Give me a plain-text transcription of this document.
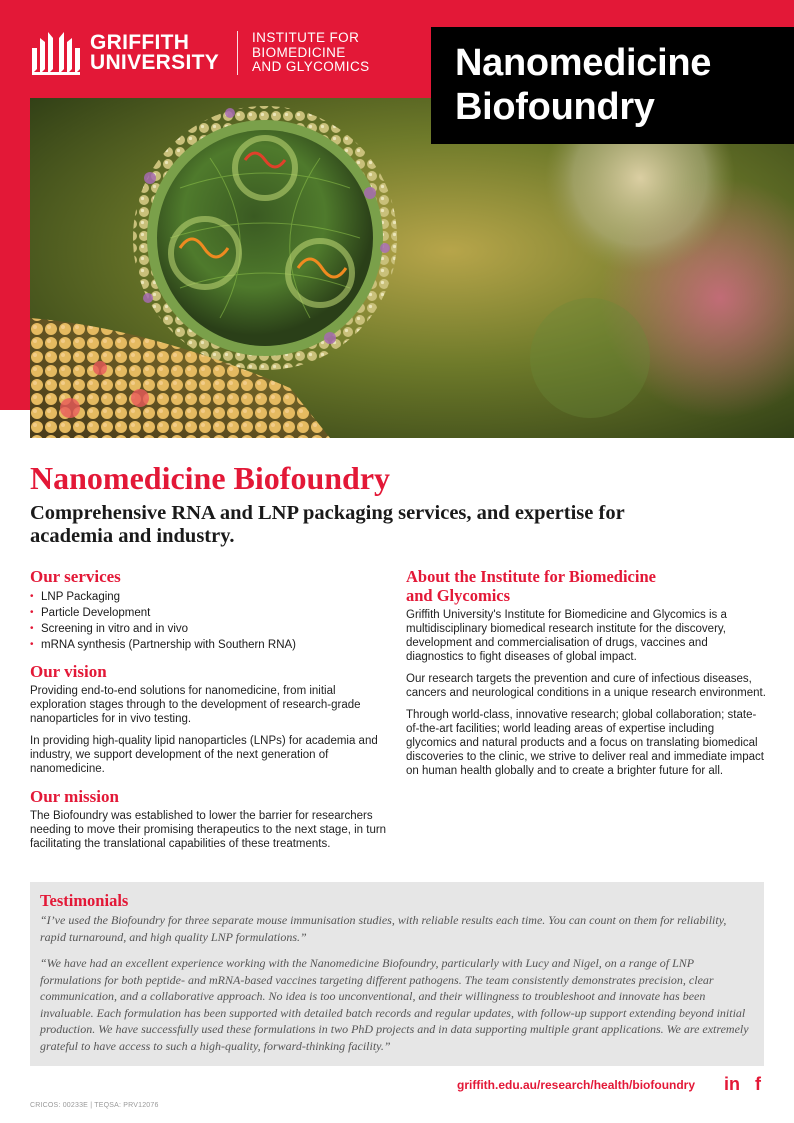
GRIFFITH
UNIVERSITY
INSTITUTE FOR
BIOMEDICINE
AND GLYCOMICS Nanomedicine
Biofoundry
Nanomedicine Biofoundry
Comprehensive RNA and LNP packaging services, and expertise for academia and industry.
Our services
• LNP Packaging
• Particle Development
• Screening in vitro and in vivo
• mRNA synthesis (Partnership with Southern RNA)
Our vision

Providing end-to-end solutions for nanomedicine, from initial exploration stages through to the development of research-grade nanoparticles for in vivo testing.

In providing high-quality lipid nanoparticles (LNPs) for academia and industry, we support development of the next generation of nanomedicine.

Our mission

The Biofoundry was established to lower the barrier for researchers needing to move their promising therapeutics to the next stage, in turn facilitating the translational capabilities of these treatments.

About the Institute for Biomedicine
and Glycomics

Griffith University's Institute for Biomedicine and Glycomics is a multidisciplinary biomedical research institute for the discovery, development and commercialisation of drugs, vaccines and diagnostics to fight diseases of global impact.

Our research targets the prevention and cure of infectious diseases, cancers and neurological conditions in a unique research environment.

Through world-class, innovative research; global collaboration; state-of-the-art facilities; world leading areas of expertise including glycomics and natural products and a focus on translating biomedical discoveries to the clinic, we strive to deliver real and immediate impact on human health globally and to create a brighter future for all.

Testimonials

“I’ve used the Biofoundry for three separate mouse immunisation studies, with reliable results each time. You can count on them for reliability, rapid turnaround, and high quality LNP formulations.”

“We have had an excellent experience working with the Nanomedicine Biofoundry, particularly with Lucy and Nigel, on a range of LNP formulations for both peptide- and mRNA-based vaccines targeting different pathogens. The team consistently demonstrates precision, clear communication, and a collaborative approach. No idea is too unconventional, and their willingness to troubleshoot and innovate has been invaluable. Each formulation has been supported with detailed batch records and regular updates, with follow-up support extending beyond initial production. We have successfully used these formulations in two PhD projects and in data supporting multiple grant applications. We are extremely grateful to have access to such a high-quality, forward-thinking facility.”

griffith.edu.au/research/health/biofoundry in f
CRICOS: 00233E | TEQSA: PRV12076
